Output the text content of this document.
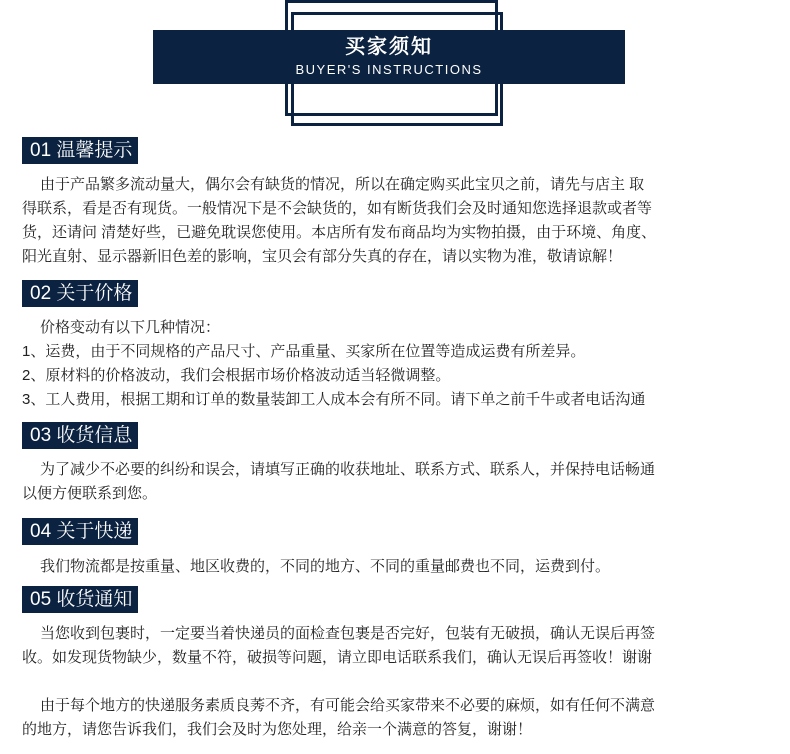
买家须知
BUYER'S INSTRUCTIONS
01 温馨提示
由于产品繁多流动量大，偶尔会有缺货的情况，所以在确定购买此宝贝之前，请先与店主 取
得联系，看是否有现货。一般情况下是不会缺货的，如有断货我们会及时通知您选择退款或者等
货，还请问 清楚好些，已避免耽误您使用。本店所有发布商品均为实物拍摄，由于环境、角度、
阳光直射、显示器新旧色差的影响，宝贝会有部分失真的存在，请以实物为准，敬请谅解！
02 关于价格
价格变动有以下几种情况：
1、运费，由于不同规格的产品尺寸、产品重量、买家所在位置等造成运费有所差异。
2、原材料的价格波动，我们会根据市场价格波动适当轻微调整。
3、工人费用，根据工期和订单的数量装卸工人成本会有所不同。请下单之前千牛或者电话沟通
03 收货信息
为了减少不必要的纠纷和误会，请填写正确的收获地址、联系方式、联系人，并保持电话畅通
以便方便联系到您。
04 关于快递
我们物流都是按重量、地区收费的，不同的地方、不同的重量邮费也不同，运费到付。
05 收货通知
当您收到包裹时，一定要当着快递员的面检查包裹是否完好，包装有无破损，确认无误后再签
收。如发现货物缺少，数量不符，破损等问题，请立即电话联系我们，确认无误后再签收！谢谢
由于每个地方的快递服务素质良莠不齐，有可能会给买家带来不必要的麻烦，如有任何不满意
的地方，请您告诉我们，我们会及时为您处理，给亲一个满意的答复，谢谢！
